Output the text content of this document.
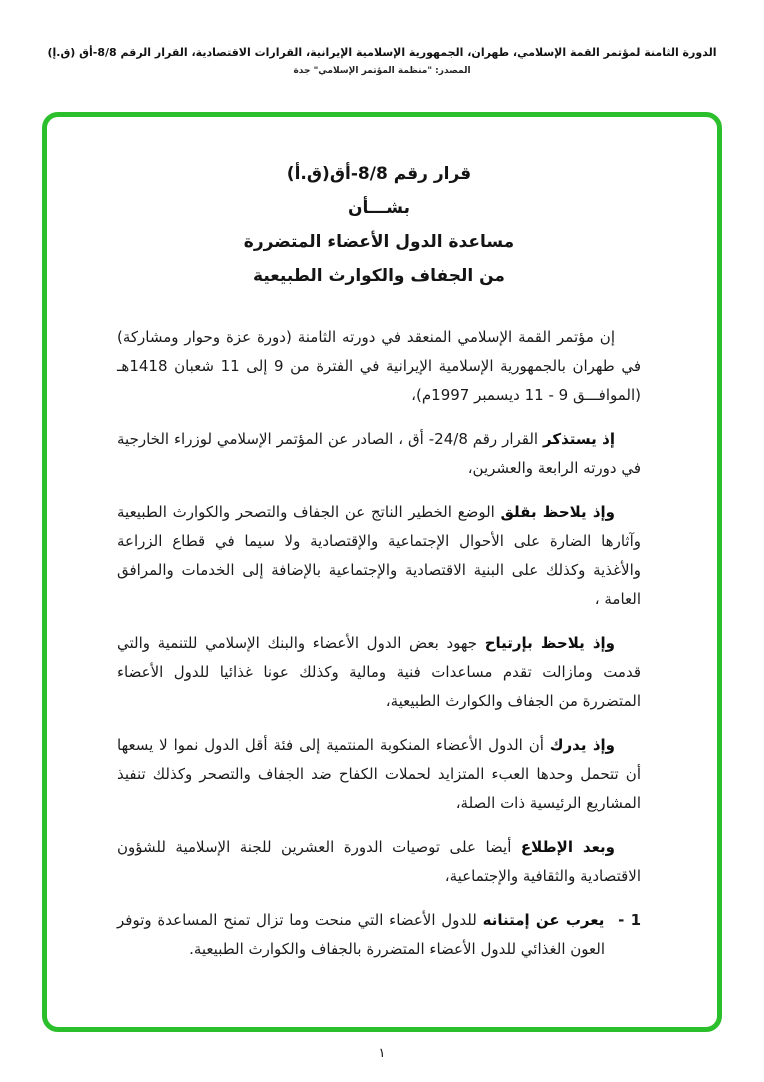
الدورة الثامنة لمؤتمر القمة الإسلامي، طهران، الجمهورية الإسلامية الإيرانية، القرارات الاقتصادية، القرار الرقم 8/8-أق (ق.إ)
المصدر: "منظمة المؤتمر الإسلامي" جدة
قرار رقم 8/8-أق(ق.أ)
بشـــأن
مساعدة الدول الأعضاء المتضررة
من الجفاف والكوارث الطبيعية

إن مؤتمر القمة الإسلامي المنعقد في دورته الثامنة (دورة عزة وحوار ومشاركة) في طهران بالجمهورية الإسلامية الإيرانية في الفترة من 9 إلى 11 شعبان 1418هـ (الموافـــق 9 - 11 ديسمبر 1997م)،

إذ يستذكر القرار رقم 24/8- أق ، الصادر عن المؤتمر الإسلامي لوزراء الخارجية في دورته الرابعة والعشرين،

وإذ يلاحظ بقلق الوضع الخطير الناتج عن الجفاف والتصحر والكوارث الطبيعية وآثارها الضارة على الأحوال الإجتماعية والإقتصادية ولا سيما في قطاع الزراعة والأغذية وكذلك على البنية الاقتصادية والإجتماعية بالإضافة إلى الخدمات والمرافق العامة ،

وإذ يلاحظ بإرتياح جهود بعض الدول الأعضاء والبنك الإسلامي للتنمية والتي قدمت ومازالت تقدم مساعدات فنية ومالية وكذلك عونا غذائيا للدول الأعضاء المتضررة من الجفاف والكوارث الطبيعية،

وإذ يدرك أن الدول الأعضاء المنكوبة المنتمية إلى فئة أقل الدول نموا لا يسعها أن تتحمل وحدها العبء المتزايد لحملات الكفاح ضد الجفاف والتصحر وكذلك تنفيذ المشاريع الرئيسية ذات الصلة،

وبعد الإطلاع أيضا على توصيات الدورة العشرين للجنة الإسلامية للشؤون الاقتصادية والثقافية والإجتماعية،

1 - يعرب عن إمتنانه للدول الأعضاء التي منحت وما تزال تمنح المساعدة وتوفر العون الغذائي للدول الأعضاء المتضررة بالجفاف والكوارث الطبيعية.

١
